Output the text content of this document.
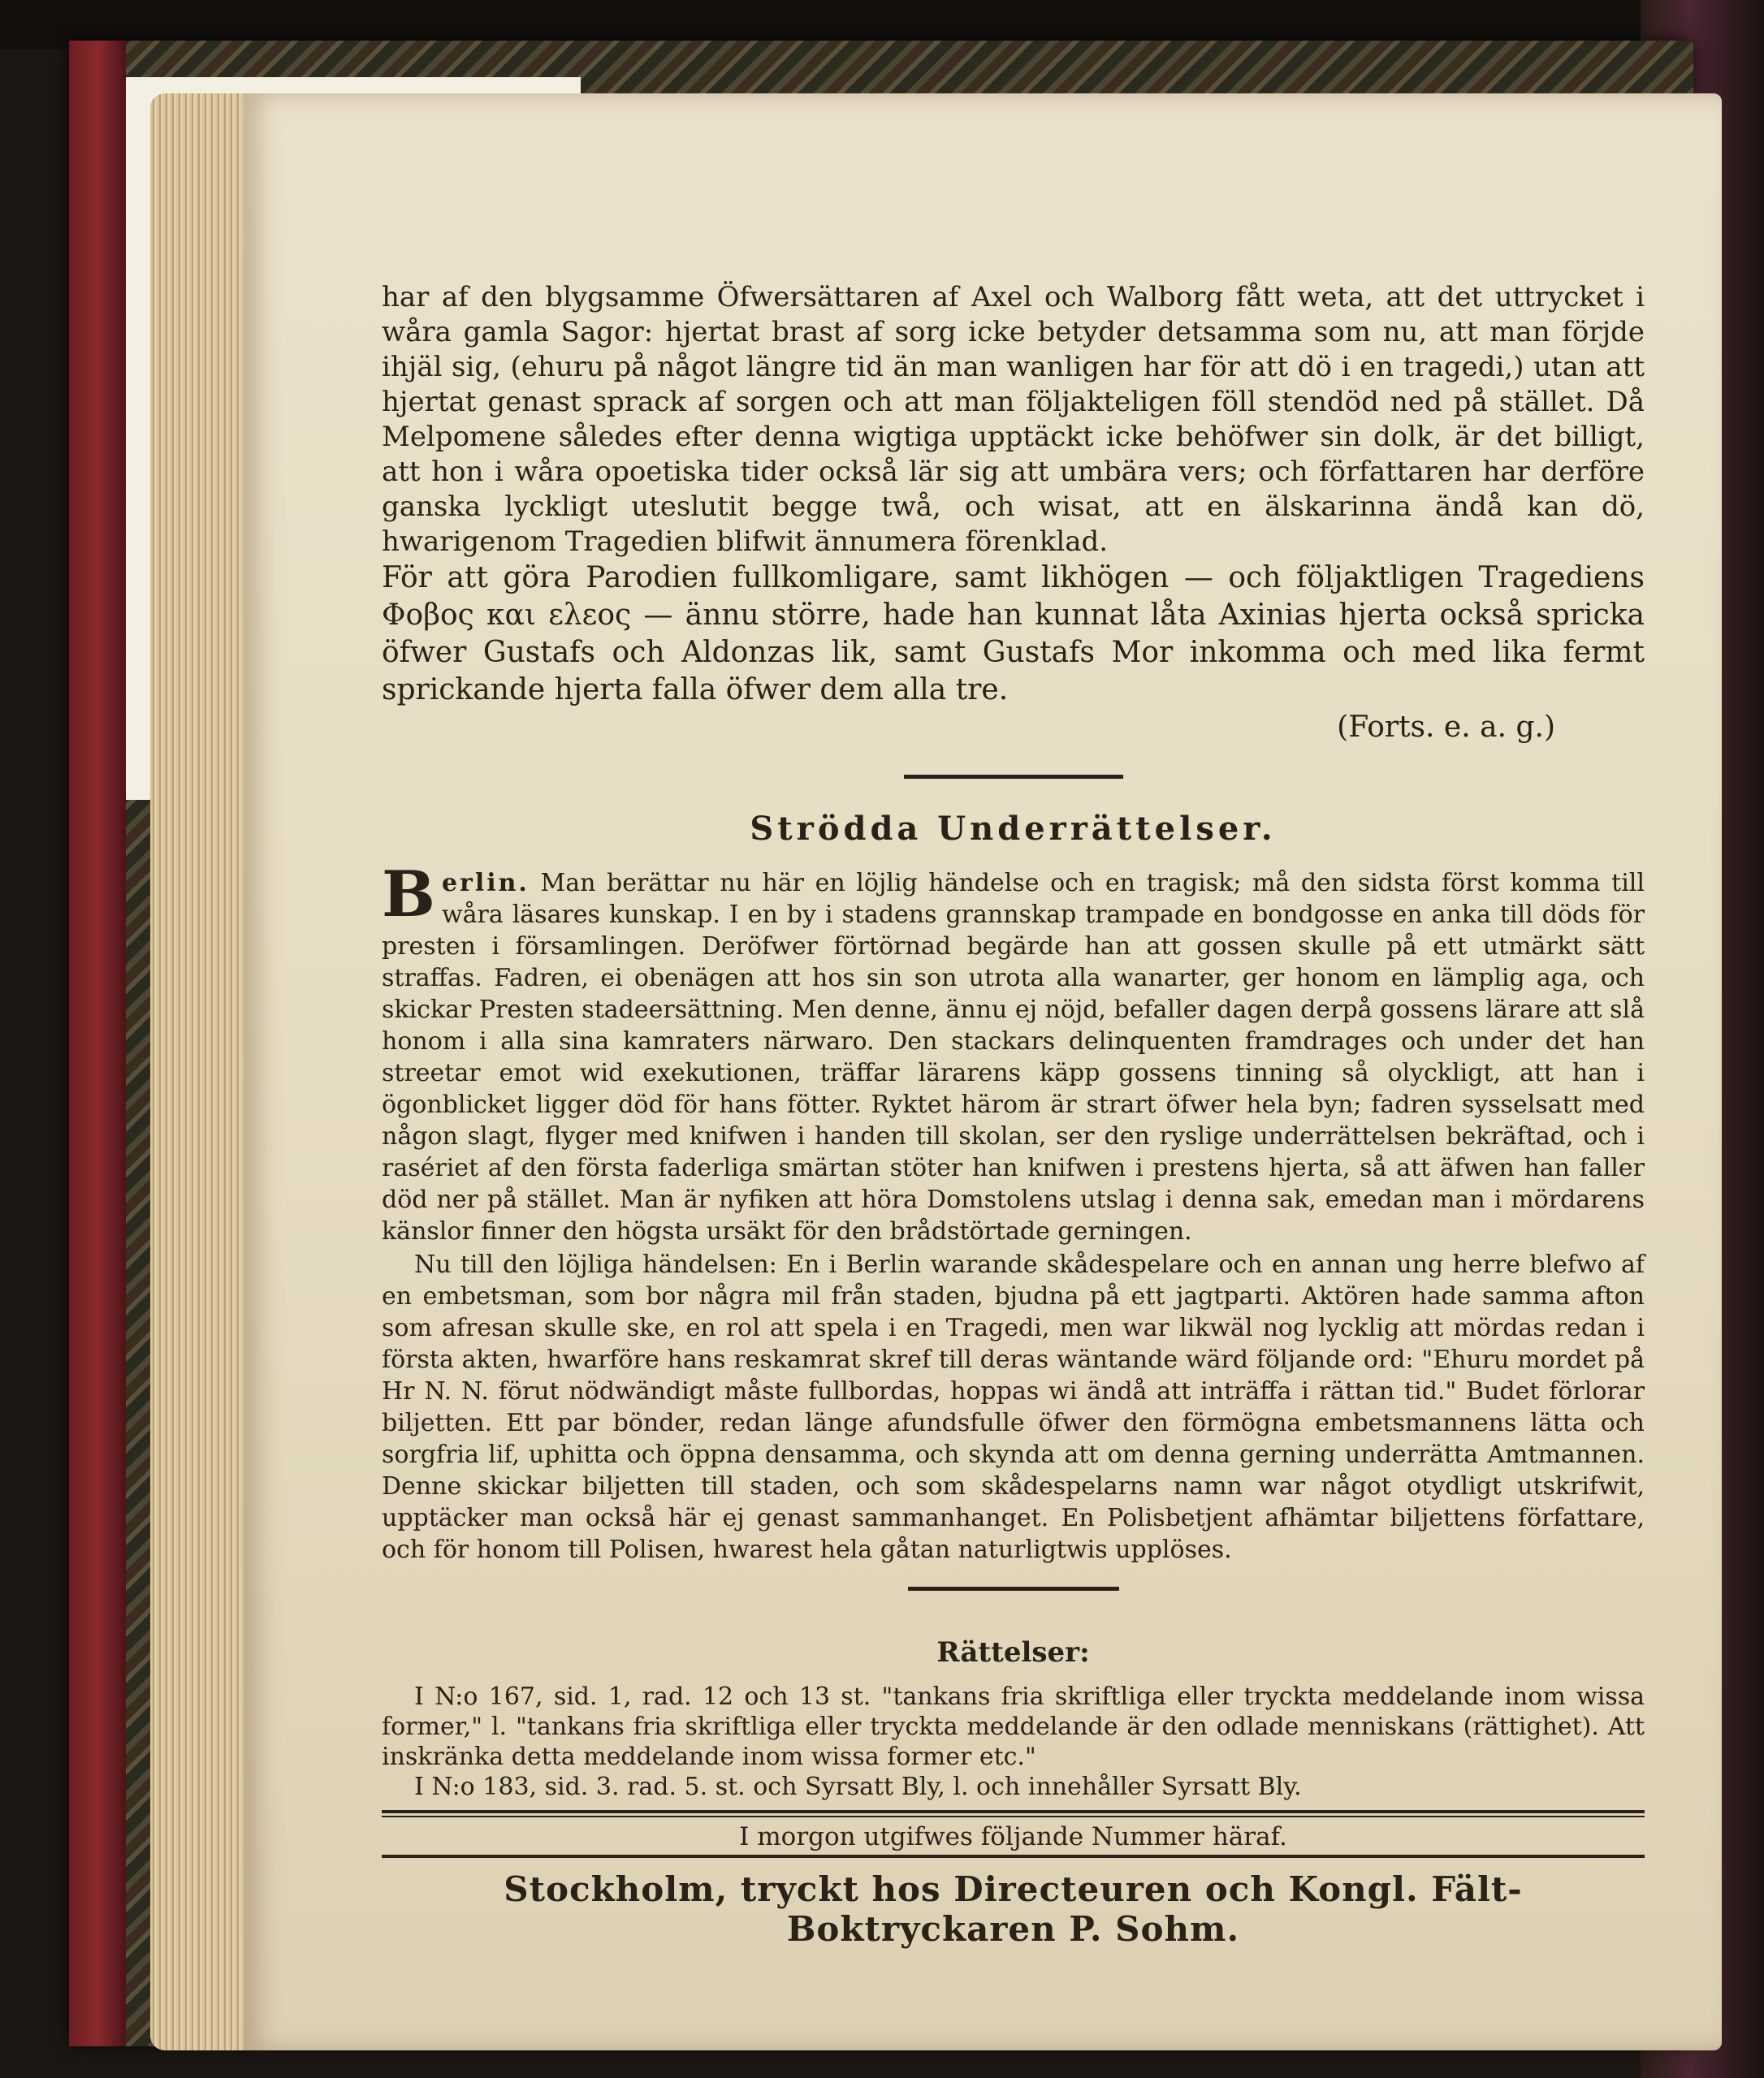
har af den blygsamme Öfwersättaren af Axel och Walborg fått weta, att det uttrycket i wåra gamla Sagor: hjertat brast af sorg icke betyder detsamma som nu, att man förjde ihjäl sig, (ehuru på något längre tid än man wanligen har för att dö i en tragedi,) utan att hjertat genast sprack af sorgen och att man följakteligen föll stendöd ned på stället. Då Melpomene således efter denna wigtiga upptäckt icke behöfwer sin dolk, är det billigt, att hon i wåra opoetiska tider också lär sig att umbära vers; och författaren har derföre ganska lyckligt uteslutit begge twå, och wisat, att en älskarinna ändå kan dö, hwarigenom Tragedien blifwit ännumera förenklad.

För att göra Parodien fullkomligare, samt likhögen — och följaktligen Tragediens Φοβος και ελεος — ännu större, hade han kunnat låta Axinias hjerta också spricka öfwer Gustafs och Aldonzas lik, samt Gustafs Mor inkomma och med lika fermt sprickande hjerta falla öfwer dem alla tre.

(Forts. e. a. g.)
Strödda Underrättelser.

Berlin. Man berättar nu här en löjlig händelse och en tragisk; må den sidsta först komma till wåra läsares kunskap. I en by i stadens grannskap trampade en bondgosse en anka till döds för presten i församlingen. Deröfwer förtörnad begärde han att gossen skulle på ett utmärkt sätt straffas. Fadren, ei obenägen att hos sin son utrota alla wanarter, ger honom en lämplig aga, och skickar Presten stadeersättning. Men denne, ännu ej nöjd, befaller dagen derpå gossens lärare att slå honom i alla sina kamraters närwaro. Den stackars delinquenten framdrages och under det han streetar emot wid exekutionen, träffar lärarens käpp gossens tinning så olyckligt, att han i ögonblicket ligger död för hans fötter. Ryktet härom är strart öfwer hela byn; fadren sysselsatt med någon slagt, flyger med knifwen i handen till skolan, ser den ryslige underrättelsen bekräftad, och i rasériet af den första faderliga smärtan stöter han knifwen i prestens hjerta, så att äfwen han faller död ner på stället. Man är nyfiken att höra Domstolens utslag i denna sak, emedan man i mördarens känslor finner den högsta ursäkt för den brådstörtade gerningen.

Nu till den löjliga händelsen: En i Berlin warande skådespelare och en annan ung herre blefwo af en embetsman, som bor några mil från staden, bjudna på ett jagtparti. Aktören hade samma afton som afresan skulle ske, en rol att spela i en Tragedi, men war likwäl nog lycklig att mördas redan i första akten, hwarföre hans reskamrat skref till deras wäntande wärd följande ord: "Ehuru mordet på Hr N. N. förut nödwändigt måste fullbordas, hoppas wi ändå att inträffa i rättan tid." Budet förlorar biljetten. Ett par bönder, redan länge afundsfulle öfwer den förmögna embetsmannens lätta och sorgfria lif, uphitta och öppna densamma, och skynda att om denna gerning underrätta Amtmannen. Denne skickar biljetten till staden, och som skådespelarns namn war något otydligt utskrifwit, upptäcker man också här ej genast sammanhanget. En Polisbetjent afhämtar biljettens författare, och för honom till Polisen, hwarest hela gåtan naturligtwis upplöses.

Rättelser:

I N:o 167, sid. 1, rad. 12 och 13 st. "tankans fria skriftliga eller tryckta meddelande inom wissa former," l. "tankans fria skriftliga eller tryckta meddelande är den odlade menniskans (rättighet). Att inskränka detta meddelande inom wissa former etc."

I N:o 183, sid. 3. rad. 5. st. och Syrsatt Bly, l. och innehåller Syrsatt Bly.

I morgon utgifwes följande Nummer häraf.
Stockholm, tryckt hos Directeuren och Kongl. Fält-Boktryckaren P. Sohm.
